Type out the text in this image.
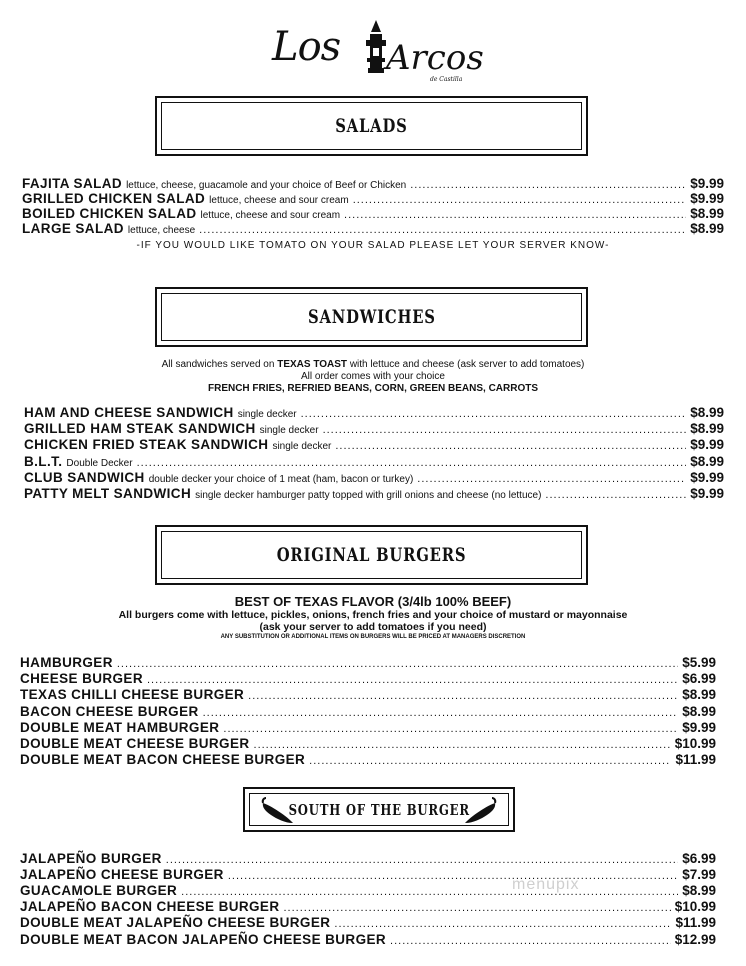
Los Arcos
de Castilla
SALADS
FAJITA SALAD lettuce, cheese, guacamole and your choice of Beef or Chicken .....	$9.99
GRILLED CHICKEN SALAD lettuce, cheese and sour cream .....	$9.99
BOILED CHICKEN SALAD lettuce, cheese and sour cream .....	$8.99
LARGE SALAD lettuce, cheese .....	$8.99
-IF YOU WOULD LIKE TOMATO ON YOUR SALAD PLEASE LET YOUR SERVER KNOW-
SANDWICHES
All sandwiches served on TEXAS TOAST with lettuce and cheese (ask server to add tomatoes)
All order comes with your choice
FRENCH FRIES, REFRIED BEANS, CORN, GREEN BEANS, CARROTS
HAM AND CHEESE SANDWICH single decker .....	$8.99
GRILLED HAM STEAK SANDWICH single decker .....	$8.99
CHICKEN FRIED STEAK SANDWICH single decker .....	$9.99
B.L.T. Double Decker .....	$8.99
CLUB SANDWICH double decker your choice of 1 meat (ham, bacon or turkey) .....	$9.99
PATTY MELT SANDWICH single decker hamburger patty topped with grill onions and cheese (no lettuce) .....	$9.99
ORIGINAL BURGERS
BEST OF TEXAS FLAVOR (3/4lb 100% BEEF)
All burgers come with lettuce, pickles, onions, french fries and your choice of mustard or mayonnaise
(ask your server to add tomatoes if you need)
ANY SUBSTITUTION OR ADDITIONAL ITEMS ON BURGERS WILL BE PRICED AT MANAGERS DISCRETION
HAMBURGER .....	$5.99
CHEESE BURGER .....	$6.99
TEXAS CHILLI CHEESE BURGER .....	$8.99
BACON CHEESE BURGER .....	$8.99
DOUBLE MEAT HAMBURGER .....	$9.99
DOUBLE MEAT CHEESE BURGER .....	$10.99
DOUBLE MEAT BACON CHEESE BURGER .....	$11.99
SOUTH OF THE BURGER
JALAPEÑO BURGER .....	$6.99
JALAPEÑO CHEESE BURGER .....	$7.99
GUACAMOLE BURGER .....	$8.99
JALAPEÑO BACON CHEESE BURGER .....	$10.99
DOUBLE MEAT JALAPEÑO CHEESE BURGER .....	$11.99
DOUBLE MEAT BACON JALAPEÑO CHEESE BURGER .....	$12.99
menupix
